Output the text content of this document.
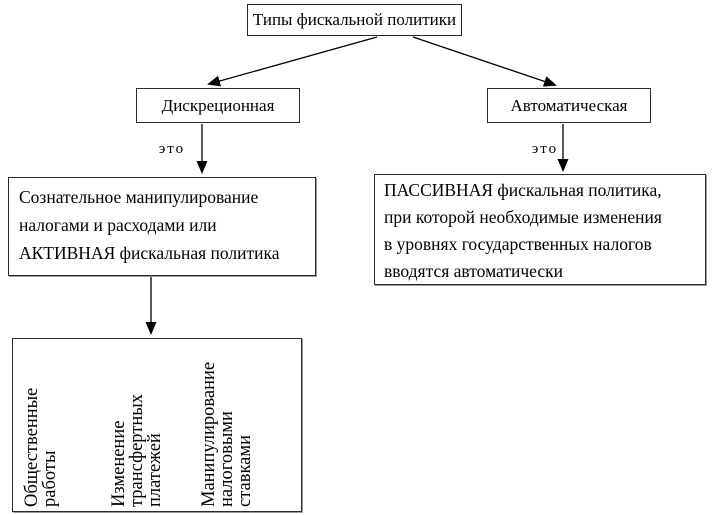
Типы фискальной политики
Дискреционная	Автоматическая
это	это
Сознательное манипулирование
налогами и расходами или
АКТИВНАЯ фискальная политика
ПАССИВНАЯ фискальная политика,
при которой необходимые изменения
в уровнях государственных налогов
вводятся автоматически
Общественные
работы	Изменение
трансфертных
платежей Манипулирование
налоговыми
ставками
